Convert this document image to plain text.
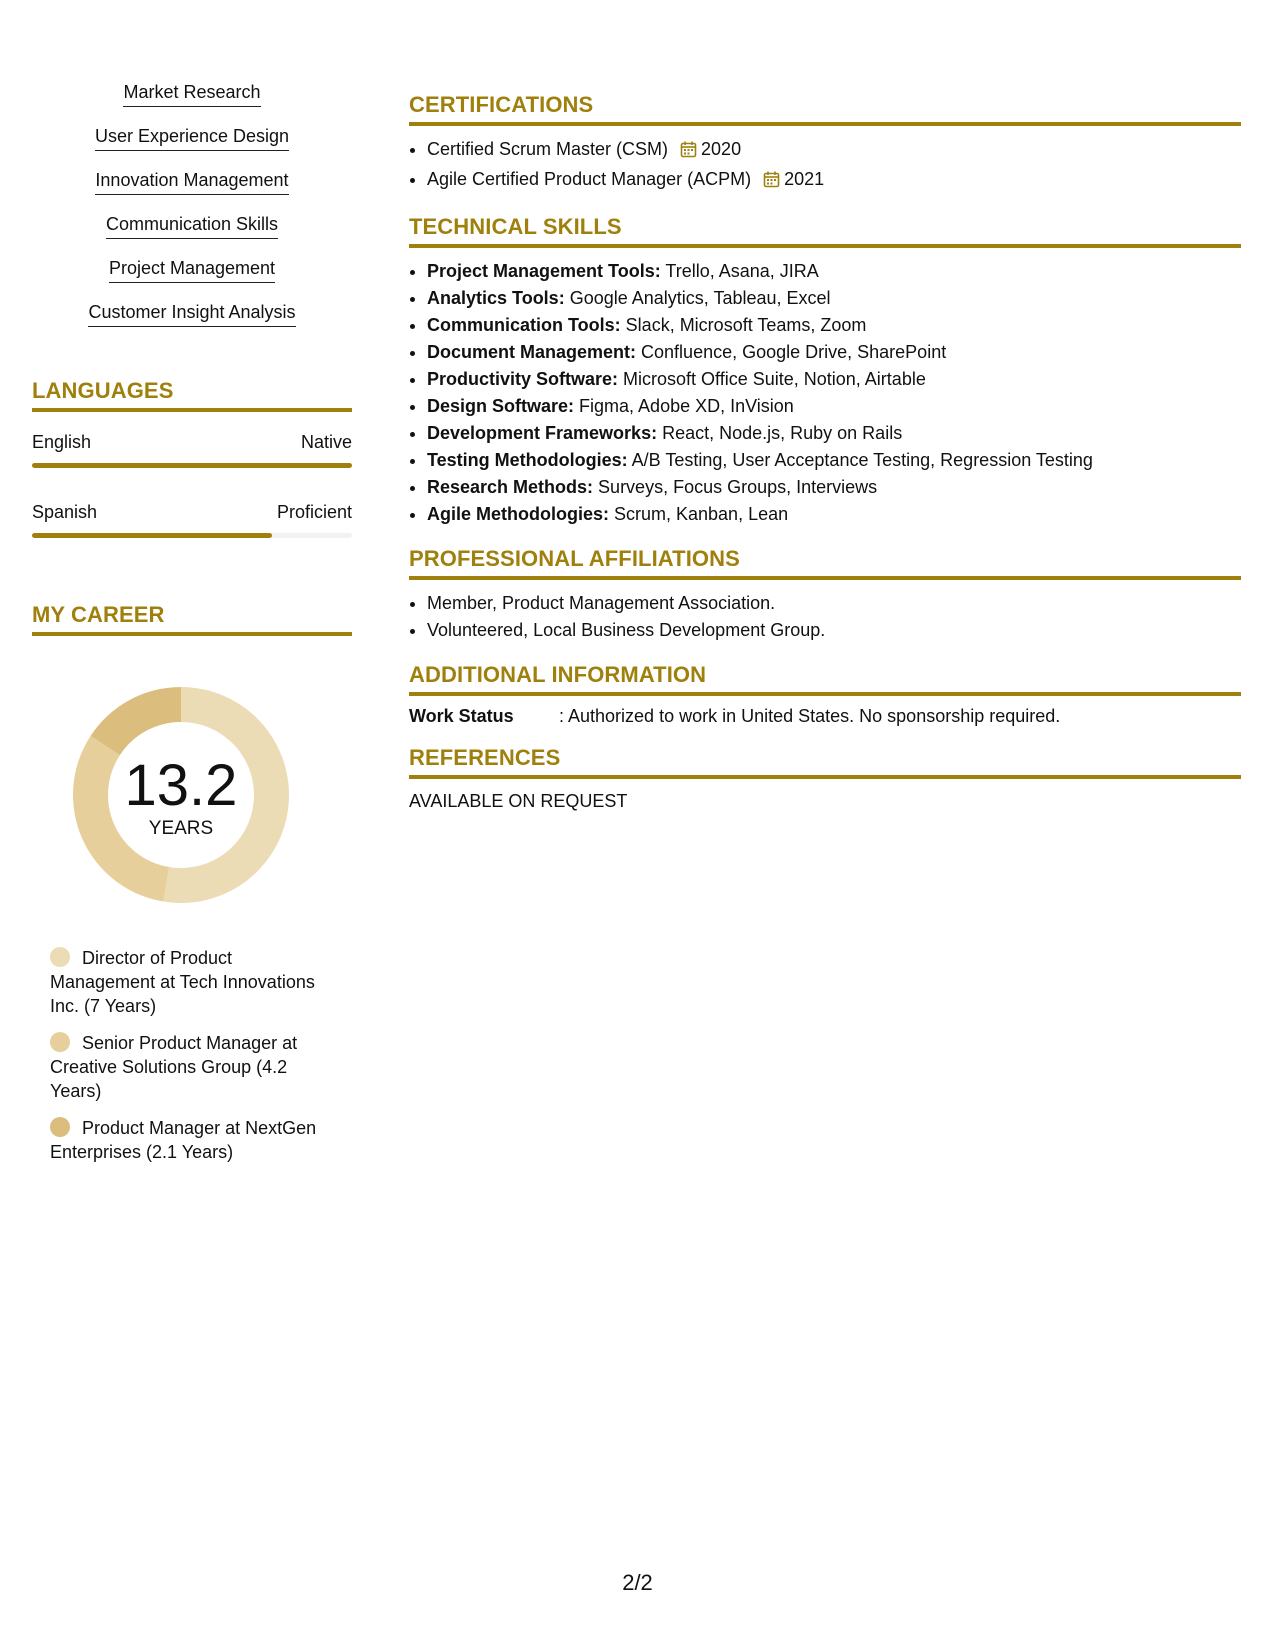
Market Research
User Experience Design
Innovation Management
Communication Skills
Project Management
Customer Insight Analysis
LANGUAGES
English	Native
Spanish	Proficient
MY CAREER
13.2
YEARS
Director of Product Management at Tech Innovations Inc. (7 Years)
Senior Product Manager at Creative Solutions Group (4.2 Years)
Product Manager at NextGen Enterprises (2.1 Years)
CERTIFICATIONS
• Certified Scrum Master (CSM) 2020
• Agile Certified Product Manager (ACPM) 2021
TECHNICAL SKILLS
• Project Management Tools: Trello, Asana, JIRA
• Analytics Tools: Google Analytics, Tableau, Excel
• Communication Tools: Slack, Microsoft Teams, Zoom
• Document Management: Confluence, Google Drive, SharePoint
• Productivity Software: Microsoft Office Suite, Notion, Airtable
• Design Software: Figma, Adobe XD, InVision
• Development Frameworks: React, Node.js, Ruby on Rails
• Testing Methodologies: A/B Testing, User Acceptance Testing, Regression Testing
• Research Methods: Surveys, Focus Groups, Interviews
• Agile Methodologies: Scrum, Kanban, Lean
PROFESSIONAL AFFILIATIONS
• Member, Product Management Association.
• Volunteered, Local Business Development Group.
ADDITIONAL INFORMATION
Work Status	: Authorized to work in United States. No sponsorship required.
REFERENCES
AVAILABLE ON REQUEST
2/2
